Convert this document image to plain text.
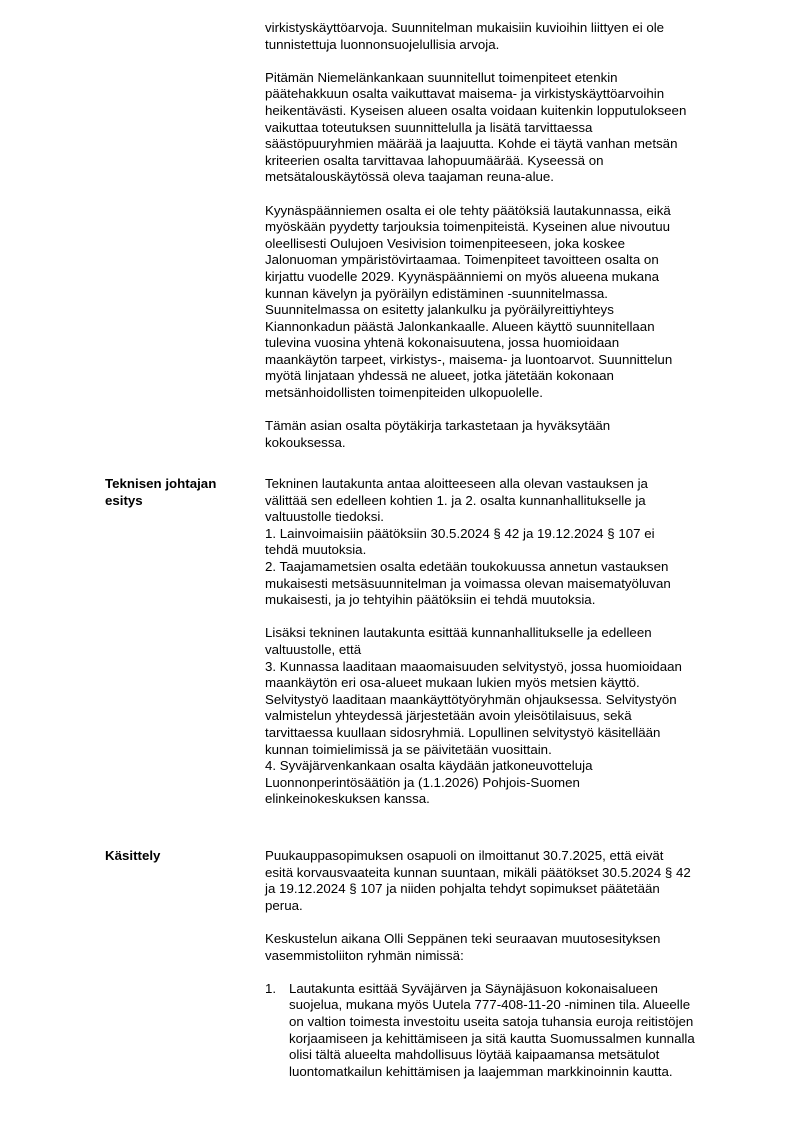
virkistyskäyttöarvoja. Suunnitelman mukaisiin kuvioihin liittyen ei ole
tunnistettuja luonnonsuojelullisia arvoja.

Pitämän Niemelänkankaan suunnitellut toimenpiteet etenkin
päätehakkuun osalta vaikuttavat maisema- ja virkistyskäyttöarvoihin
heikentävästi. Kyseisen alueen osalta voidaan kuitenkin lopputulokseen
vaikuttaa toteutuksen suunnittelulla ja lisätä tarvittaessa
säästöpuuryhmien määrää ja laajuutta. Kohde ei täytä vanhan metsän
kriteerien osalta tarvittavaa lahopuumäärää. Kyseessä on
metsätalouskäytössä oleva taajaman reuna-alue.

Kyynäspäänniemen osalta ei ole tehty päätöksiä lautakunnassa, eikä
myöskään pyydetty tarjouksia toimenpiteistä. Kyseinen alue nivoutuu
oleellisesti Oulujoen Vesivision toimenpiteeseen, joka koskee
Jalonuoman ympäristövirtaamaa. Toimenpiteet tavoitteen osalta on
kirjattu vuodelle 2029. Kyynäspäänniemi on myös alueena mukana
kunnan kävelyn ja pyöräilyn edistäminen -suunnitelmassa.
Suunnitelmassa on esitetty jalankulku ja pyöräilyreittiyhteys
Kiannonkadun päästä Jalonkankaalle. Alueen käyttö suunnitellaan
tulevina vuosina yhtenä kokonaisuutena, jossa huomioidaan
maankäytön tarpeet, virkistys-, maisema- ja luontoarvot. Suunnittelun
myötä linjataan yhdessä ne alueet, jotka jätetään kokonaan
metsänhoidollisten toimenpiteiden ulkopuolelle.

Tämän asian osalta pöytäkirja tarkastetaan ja hyväksytään
kokouksessa.

Teknisen johtajan
esitys

Tekninen lautakunta antaa aloitteeseen alla olevan vastauksen ja
välittää sen edelleen kohtien 1. ja 2. osalta kunnanhallitukselle ja
valtuustolle tiedoksi.
1. Lainvoimaisiin päätöksiin 30.5.2024 § 42 ja 19.12.2024 § 107 ei
tehdä muutoksia.
2. Taajamametsien osalta edetään toukokuussa annetun vastauksen
mukaisesti metsäsuunnitelman ja voimassa olevan maisematyöluvan
mukaisesti, ja jo tehtyihin päätöksiin ei tehdä muutoksia.

Lisäksi tekninen lautakunta esittää kunnanhallitukselle ja edelleen
valtuustolle, että
3. Kunnassa laaditaan maaomaisuuden selvitystyö, jossa huomioidaan
maankäytön eri osa-alueet mukaan lukien myös metsien käyttö.
Selvitystyö laaditaan maankäyttötyöryhmän ohjauksessa. Selvitystyön
valmistelun yhteydessä järjestetään avoin yleisötilaisuus, sekä
tarvittaessa kuullaan sidosryhmiä. Lopullinen selvitystyö käsitellään
kunnan toimielimissä ja se päivitetään vuosittain.
4. Syväjärvenkankaan osalta käydään jatkoneuvotteluja
Luonnonperintösäätiön ja (1.1.2026) Pohjois-Suomen
elinkeinokeskuksen kanssa.

Käsittely	Puukauppasopimuksen osapuoli on ilmoittanut 30.7.2025, että eivät
esitä korvausvaateita kunnan suuntaan, mikäli päätökset 30.5.2024 § 42
ja 19.12.2024 § 107 ja niiden pohjalta tehdyt sopimukset päätetään
perua.

Keskustelun aikana Olli Seppänen teki seuraavan muutosesityksen
vasemmistoliiton ryhmän nimissä:

1. Lautakunta esittää Syväjärven ja Säynäjäsuon kokonaisalueen
suojelua, mukana myös Uutela 777-408-11-20 -niminen tila. Alueelle
on valtion toimesta investoitu useita satoja tuhansia euroja reitistöjen
korjaamiseen ja kehittämiseen ja sitä kautta Suomussalmen kunnalla
olisi tältä alueelta mahdollisuus löytää kaipaamansa metsätulot
luontomatkailun kehittämisen ja laajemman markkinoinnin kautta.
